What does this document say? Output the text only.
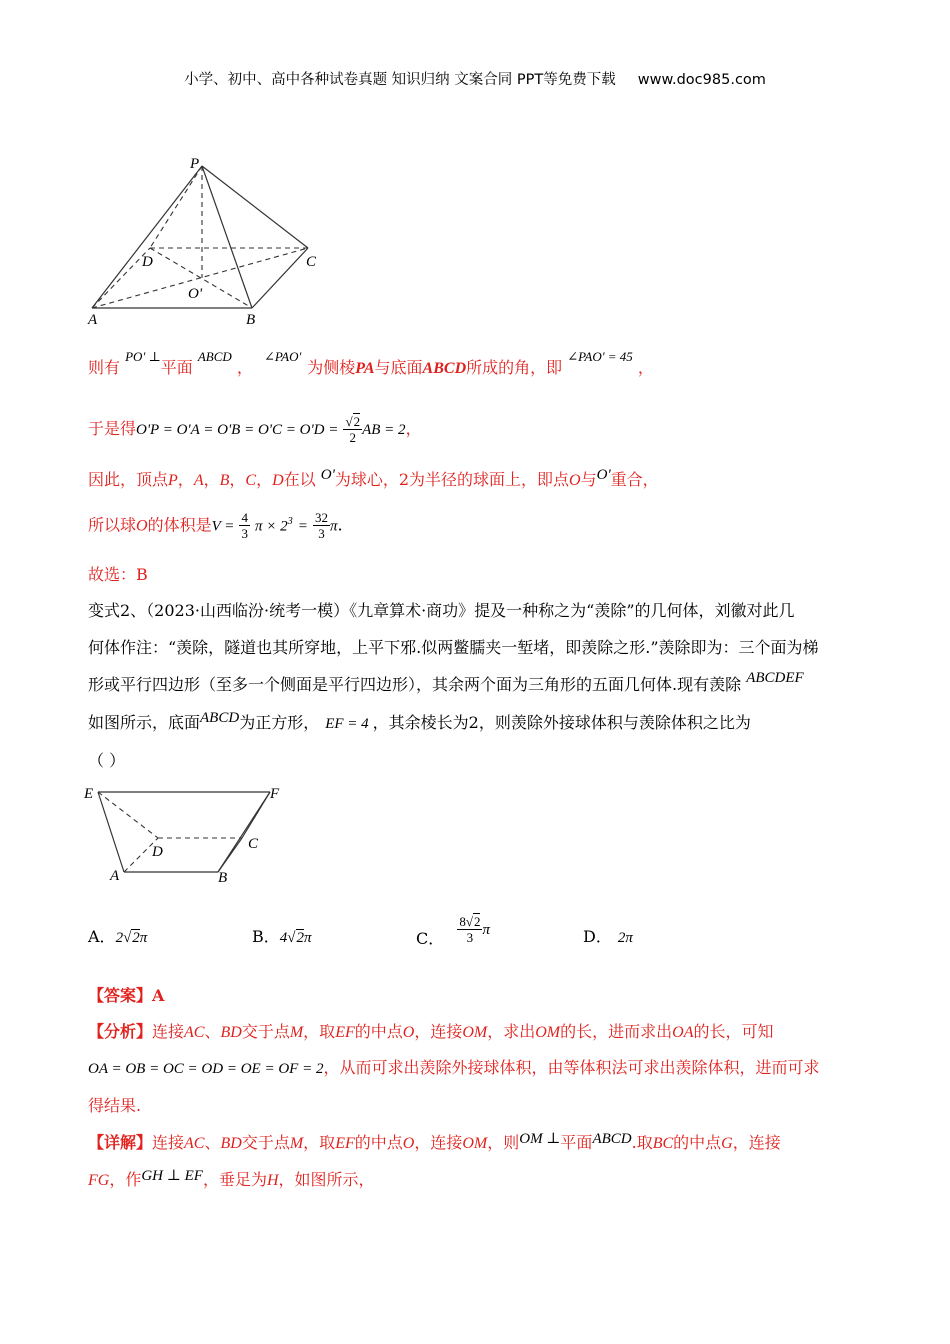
小学、初中、高中各种试卷真题 知识归纳 文案合同 PPT等免费下载 www.doc985.com
P
D	C
O'
A	B
则有 $^{PO' \perp}$平面 $^{ABCD}$ ， $^{\angle PAO'}$为侧棱PA与底面ABCD所成的角，即 $^{\angle PAO' = 45}$ ，
于是得$O'P = O'A = O'B = O'C = O'D = \frac{√2}{2}$ AB = 2，
因此，顶点P，A，B，C，D在以 O'为球心，2为半径的球面上，即点O与O'重合，
所以球O的体积是$V = \frac{4}{3}$ $\pi \times 2^3 = \frac{32}{3} \pi$.
故选：B
变式2、（2023·山西临汾·统考一模）《九章算术·商功》提及一种称之为“羡除”的几何体，刘徽对此几
何体作注：“羡除，隧道也其所穿地，上平下邪.似两鳖臑夹一堑堵，即羡除之形.”羡除即为：三个面为梯
形或平行四边形（至多一个侧面是平行四边形），其余两个面为三角形的五面几何体.现有羡除 ABCDEF
如图所示，底面ABCD为正方形， EF = 4 ，其余棱长为2，则羡除外接球体积与羡除体积之比为
（ ）
E	F
D	C
A	B
A．2√2π	B．4√2π	C． $\frac{8√2}{3}$ π	D． 2π
【答案】A
【分析】连接AC、BD交于点M，取EF的中点O，连接OM，求出OM的长，进而求出OA的长，可知
OA = OB = OC = OD = OE = OF = 2，从而可求出羡除外接球体积，由等体积法可求出羡除体积，进而可求
得结果.
【详解】连接AC、BD交于点M，取EF的中点O，连接OM，则OM ⊥平面ABCD.取BC的中点G，连接
FG，作GH ⊥ EF，垂足为H，如图所示，
